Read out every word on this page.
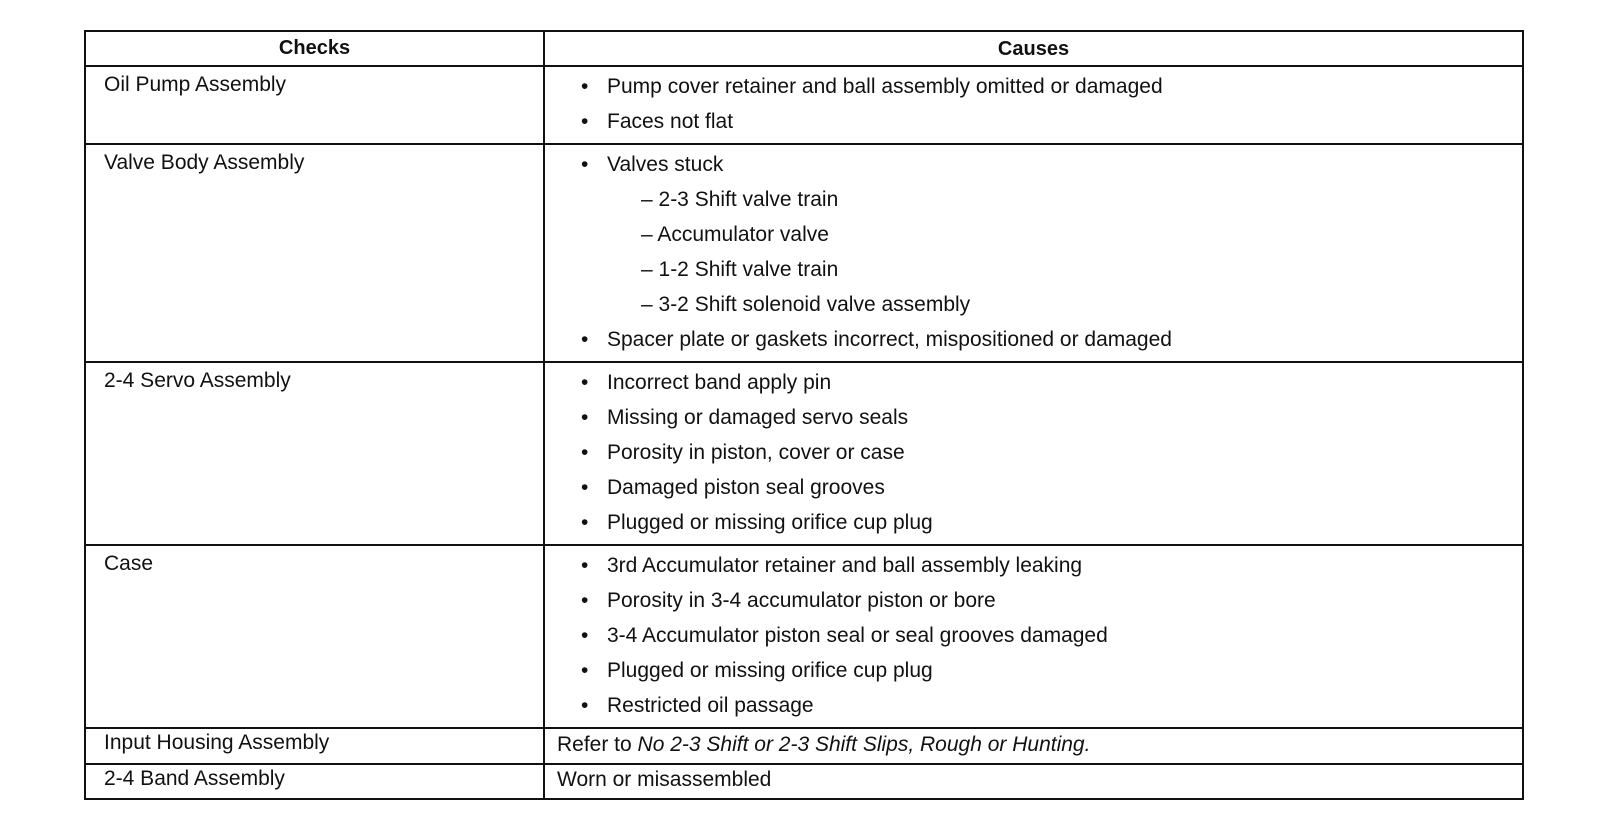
Checks	Causes
Oil Pump Assembly	• Pump cover retainer and ball assembly omitted or damaged
• Faces not flat
Valve Body Assembly	• Valves stuck
– 2-3 Shift valve train
– Accumulator valve
– 1-2 Shift valve train
– 3-2 Shift solenoid valve assembly
• Spacer plate or gaskets incorrect, mispositioned or damaged
2-4 Servo Assembly	• Incorrect band apply pin
• Missing or damaged servo seals
• Porosity in piston, cover or case
• Damaged piston seal grooves
• Plugged or missing orifice cup plug
Case	• 3rd Accumulator retainer and ball assembly leaking
• Porosity in 3-4 accumulator piston or bore
• 3-4 Accumulator piston seal or seal grooves damaged
• Plugged or missing orifice cup plug
• Restricted oil passage
Input Housing Assembly	Refer to No 2-3 Shift or 2-3 Shift Slips, Rough or Hunting.
2-4 Band Assembly	Worn or misassembled
